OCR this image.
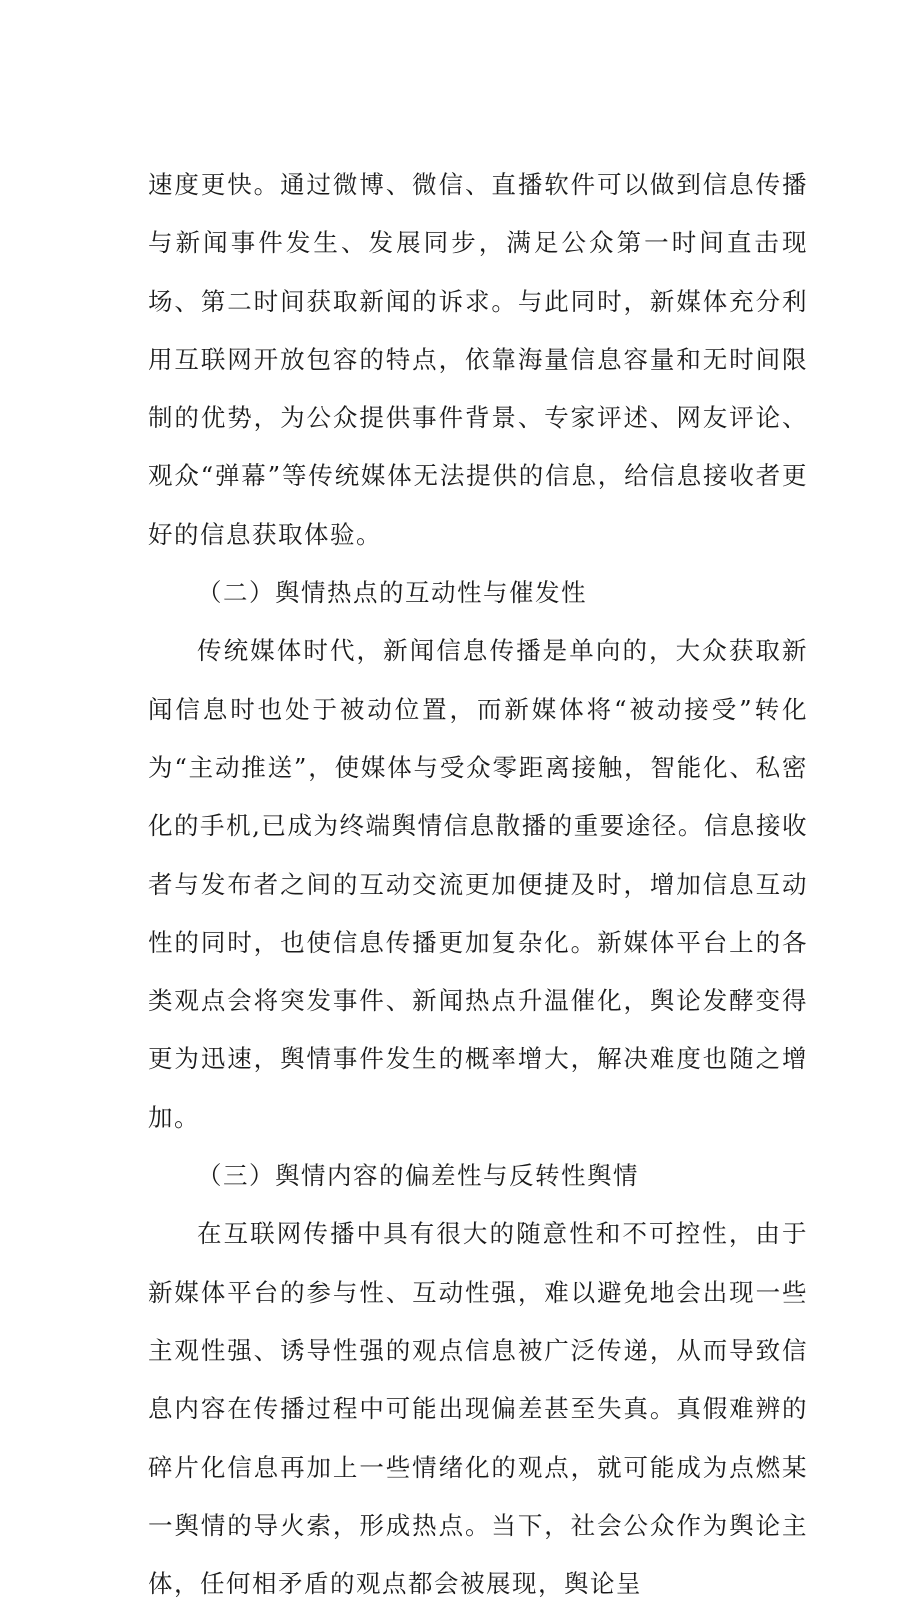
速度更快。通过微博、微信、直播软件可以做到信息传播与新闻事件发生、发展同步，满足公众第一时间直击现场、第二时间获取新闻的诉求。与此同时，新媒体充分利用互联网开放包容的特点，依靠海量信息容量和无时间限制的优势，为公众提供事件背景、专家评述、网友评论、观众“弹幕”等传统媒体无法提供的信息，给信息接收者更好的信息获取体验。

（二）舆情热点的互动性与催发性

传统媒体时代，新闻信息传播是单向的，大众获取新闻信息时也处于被动位置，而新媒体将“被动接受”转化为“主动推送”，使媒体与受众零距离接触，智能化、私密化的手机,已成为终端舆情信息散播的重要途径。信息接收者与发布者之间的互动交流更加便捷及时，增加信息互动性的同时，也使信息传播更加复杂化。新媒体平台上的各类观点会将突发事件、新闻热点升温催化，舆论发酵变得更为迅速，舆情事件发生的概率增大，解决难度也随之增加。

（三）舆情内容的偏差性与反转性舆情

在互联网传播中具有很大的随意性和不可控性，由于新媒体平台的参与性、互动性强，难以避免地会出现一些主观性强、诱导性强的观点信息被广泛传递，从而导致信息内容在传播过程中可能出现偏差甚至失真。真假难辨的碎片化信息再加上一些情绪化的观点，就可能成为点燃某一舆情的导火索，形成热点。当下，社会公众作为舆论主体，任何相矛盾的观点都会被展现，舆论呈
